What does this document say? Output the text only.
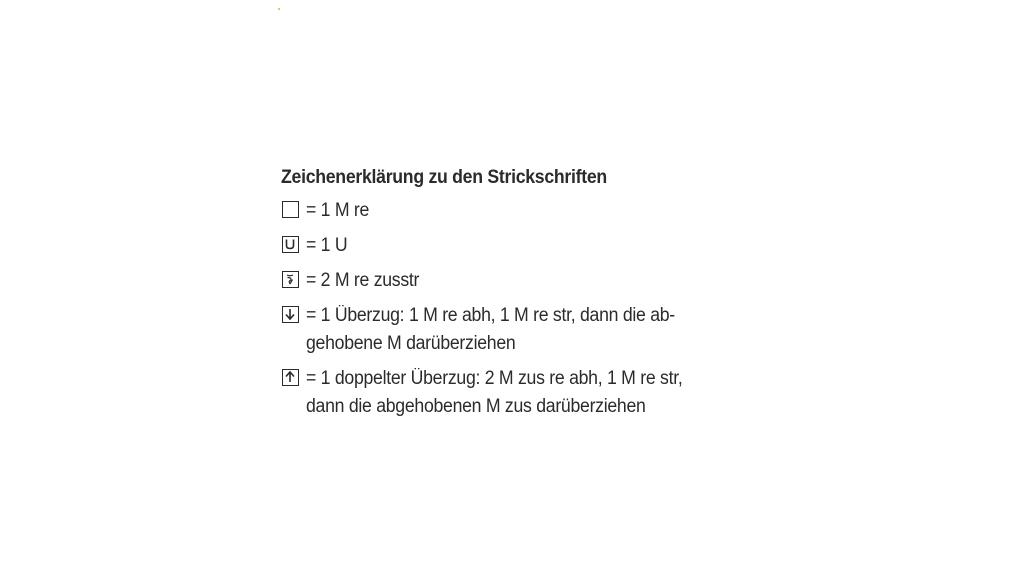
Zeichenerklärung zu den Strickschriften
= 1 M re
= 1 U
= 2 M re zusstr
= 1 Überzug: 1 M re abh, 1 M re str, dann die ab-
gehobene M darüberziehen
= 1 doppelter Überzug: 2 M zus re abh, 1 M re str,
dann die abgehobenen M zus darüberziehen
